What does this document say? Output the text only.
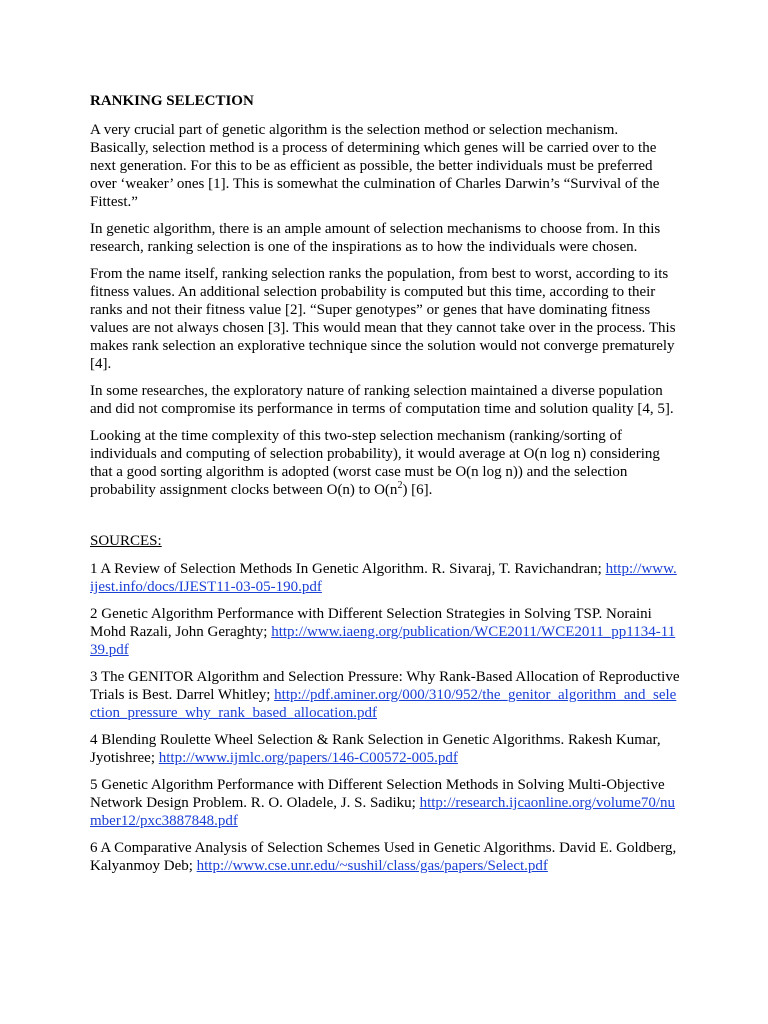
RANKING SELECTION

A very crucial part of genetic algorithm is the selection method or selection mechanism. Basically, selection method is a process of determining which genes will be carried over to the next generation. For this to be as efficient as possible, the better individuals must be preferred over ‘weaker’ ones [1]. This is somewhat the culmination of Charles Darwin’s “Survival of the Fittest.”

In genetic algorithm, there is an ample amount of selection mechanisms to choose from. In this research, ranking selection is one of the inspirations as to how the individuals were chosen.

From the name itself, ranking selection ranks the population, from best to worst, according to its fitness values. An additional selection probability is computed but this time, according to their ranks and not their fitness value [2]. “Super genotypes” or genes that have dominating fitness values are not always chosen [3]. This would mean that they cannot take over in the process. This makes rank selection an explorative technique since the solution would not converge prematurely [4].

In some researches, the exploratory nature of ranking selection maintained a diverse population and did not compromise its performance in terms of computation time and solution quality [4, 5].

Looking at the time complexity of this two-step selection mechanism (ranking/sorting of individuals and computing of selection probability), it would average at O(n log n) considering that a good sorting algorithm is adopted (worst case must be O(n log n)) and the selection probability assignment clocks between O(n) to $O(n^2)$ [6].

SOURCES:

1 A Review of Selection Methods In Genetic Algorithm. R. Sivaraj, T. Ravichandran; http://www.ijest.info/docs/IJEST11-03-05-190.pdf

2 Genetic Algorithm Performance with Different Selection Strategies in Solving TSP. Noraini Mohd Razali, John Geraghty; http://www.iaeng.org/publication/WCE2011/WCE2011_pp1134-1139.pdf

3 The GENITOR Algorithm and Selection Pressure: Why Rank-Based Allocation of Reproductive Trials is Best. Darrel Whitley; http://pdf.aminer.org/000/310/952/the_genitor_algorithm_and_selection_pressure_why_rank_based_allocation.pdf

4 Blending Roulette Wheel Selection & Rank Selection in Genetic Algorithms. Rakesh Kumar, Jyotishree; http://www.ijmlc.org/papers/146-C00572-005.pdf

5 Genetic Algorithm Performance with Different Selection Methods in Solving Multi-Objective Network Design Problem. R. O. Oladele, J. S. Sadiku; http://research.ijcaonline.org/volume70/number12/pxc3887848.pdf

6 A Comparative Analysis of Selection Schemes Used in Genetic Algorithms. David E. Goldberg, Kalyanmoy Deb; http://www.cse.unr.edu/~sushil/class/gas/papers/Select.pdf
